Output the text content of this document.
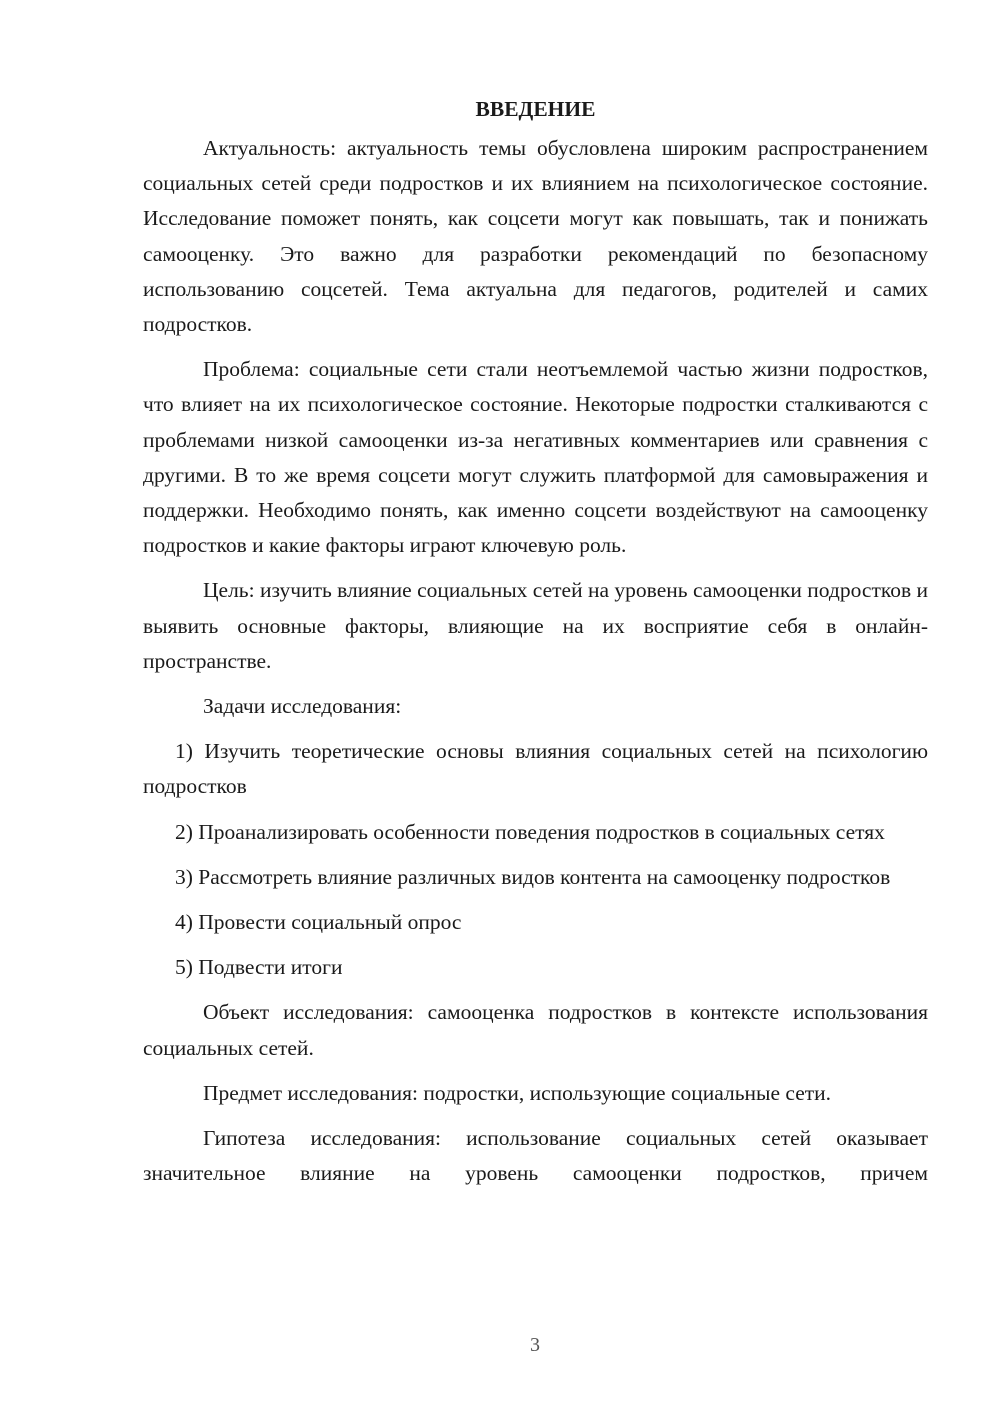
ВВЕДЕНИЕ

Актуальность: актуальность темы обусловлена широким распространением социальных сетей среди подростков и их влиянием на психологическое состояние. Исследование поможет понять, как соцсети могут как повышать, так и понижать самооценку. Это важно для разработки рекомендаций по безопасному использованию соцсетей. Тема актуальна для педагогов, родителей и самих подростков.

Проблема: социальные сети стали неотъемлемой частью жизни подростков, что влияет на их психологическое состояние. Некоторые подростки сталкиваются с проблемами низкой самооценки из-за негативных комментариев или сравнения с другими. В то же время соцсети могут служить платформой для самовыражения и поддержки. Необходимо понять, как именно соцсети воздействуют на самооценку подростков и какие факторы играют ключевую роль.

Цель: изучить влияние социальных сетей на уровень самооценки подростков и выявить основные факторы, влияющие на их восприятие себя в онлайн-пространстве.

Задачи исследования:

1) Изучить теоретические основы влияния социальных сетей на психологию подростков

2) Проанализировать особенности поведения подростков в социальных сетях

3) Рассмотреть влияние различных видов контента на самооценку подростков

4) Провести социальный опрос

5) Подвести итоги

Объект исследования: самооценка подростков в контексте использования социальных сетей.

Предмет исследования: подростки, использующие социальные сети.

Гипотеза исследования: использование социальных сетей оказывает значительное влияние на уровень самооценки подростков, причем

3
